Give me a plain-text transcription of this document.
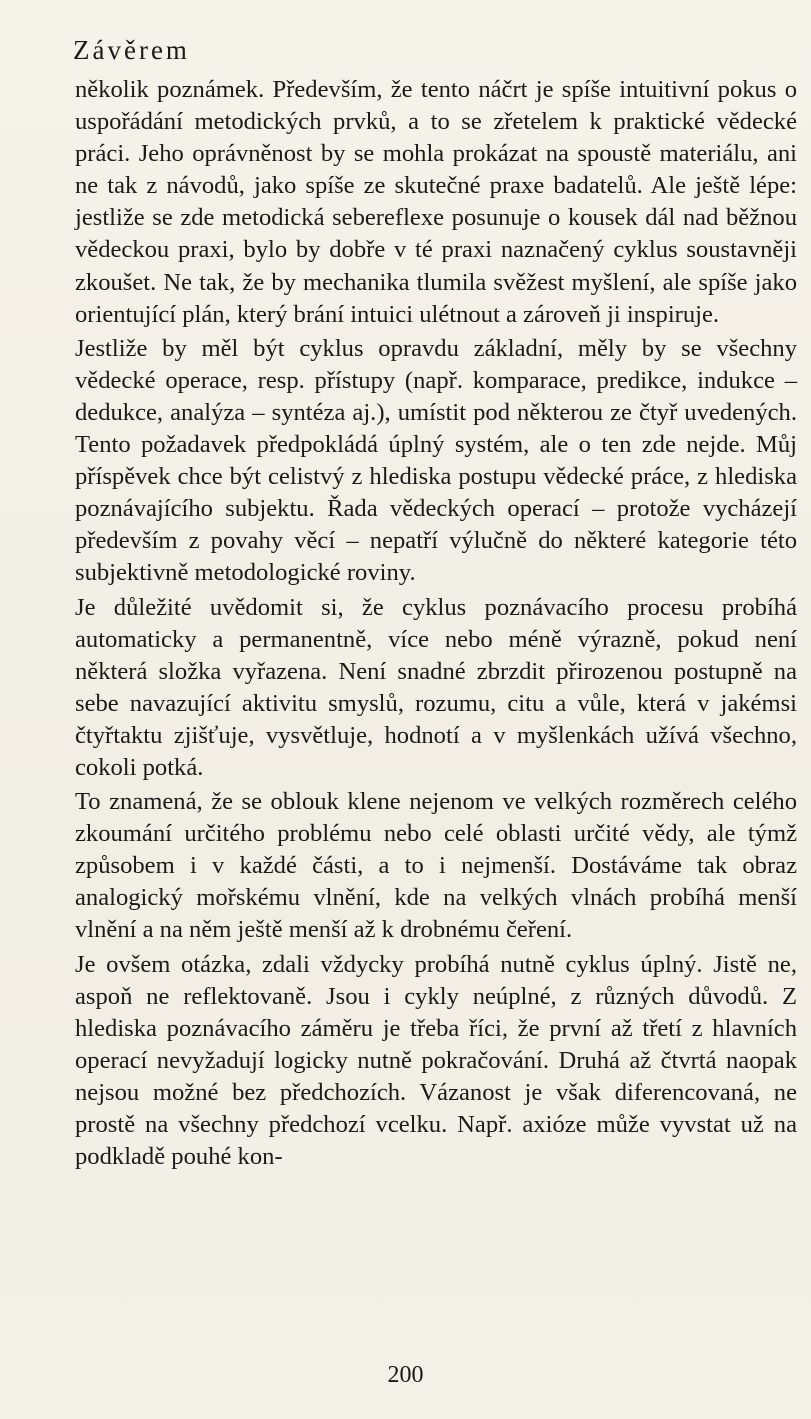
Závěrem

několik poznámek. Především, že tento náčrt je spíše intuitivní pokus o uspořádání metodických prvků, a to se zřetelem k praktické vědecké práci. Jeho oprávněnost by se mohla prokázat na spoustě materiálu, ani ne tak z návodů, jako spíše ze skutečné praxe badatelů. Ale ještě lépe: jestliže se zde metodická sebereflexe posunuje o kousek dál nad běžnou vědeckou praxi, bylo by dobře v té praxi naznačený cyklus soustavněji zkoušet. Ne tak, že by mechanika tlumila svěžest myšlení, ale spíše jako orientující plán, který brání intuici ulétnout a zároveň ji inspiruje.

Jestliže by měl být cyklus opravdu základní, měly by se všechny vědecké operace, resp. přístupy (např. komparace, predikce, indukce – dedukce, analýza – syntéza aj.), umístit pod některou ze čtyř uvedených. Tento požadavek předpokládá úplný systém, ale o ten zde nejde. Můj příspěvek chce být celistvý z hlediska postupu vědecké práce, z hlediska poznávajícího subjektu. Řada vědeckých operací – protože vycházejí především z povahy věcí – nepatří výlučně do některé kategorie této subjektivně metodologické roviny.

Je důležité uvědomit si, že cyklus poznávacího procesu probíhá automaticky a permanentně, více nebo méně výrazně, pokud není některá složka vyřazena. Není snadné zbrzdit přirozenou postupně na sebe navazující aktivitu smyslů, rozumu, citu a vůle, která v jakémsi čtyřtaktu zjišťuje, vysvětluje, hodnotí a v myšlenkách užívá všechno, cokoli potká.

To znamená, že se oblouk klene nejenom ve velkých rozměrech celého zkoumání určitého problému nebo celé oblasti určité vědy, ale týmž způsobem i v každé části, a to i nejmenší. Dostáváme tak obraz analogický mořskému vlnění, kde na velkých vlnách probíhá menší vlnění a na něm ještě menší až k drobnému čeření.

Je ovšem otázka, zdali vždycky probíhá nutně cyklus úplný. Jistě ne, aspoň ne reflektovaně. Jsou i cykly neúplné, z různých důvodů. Z hlediska poznávacího záměru je třeba říci, že první až třetí z hlavních operací nevyžadují logicky nutně pokračování. Druhá až čtvrtá naopak nejsou možné bez předchozích. Vázanost je však diferencovaná, ne prostě na všechny předchozí vcelku. Např. axióze může vyvstat už na podkladě pouhé kon-

200
